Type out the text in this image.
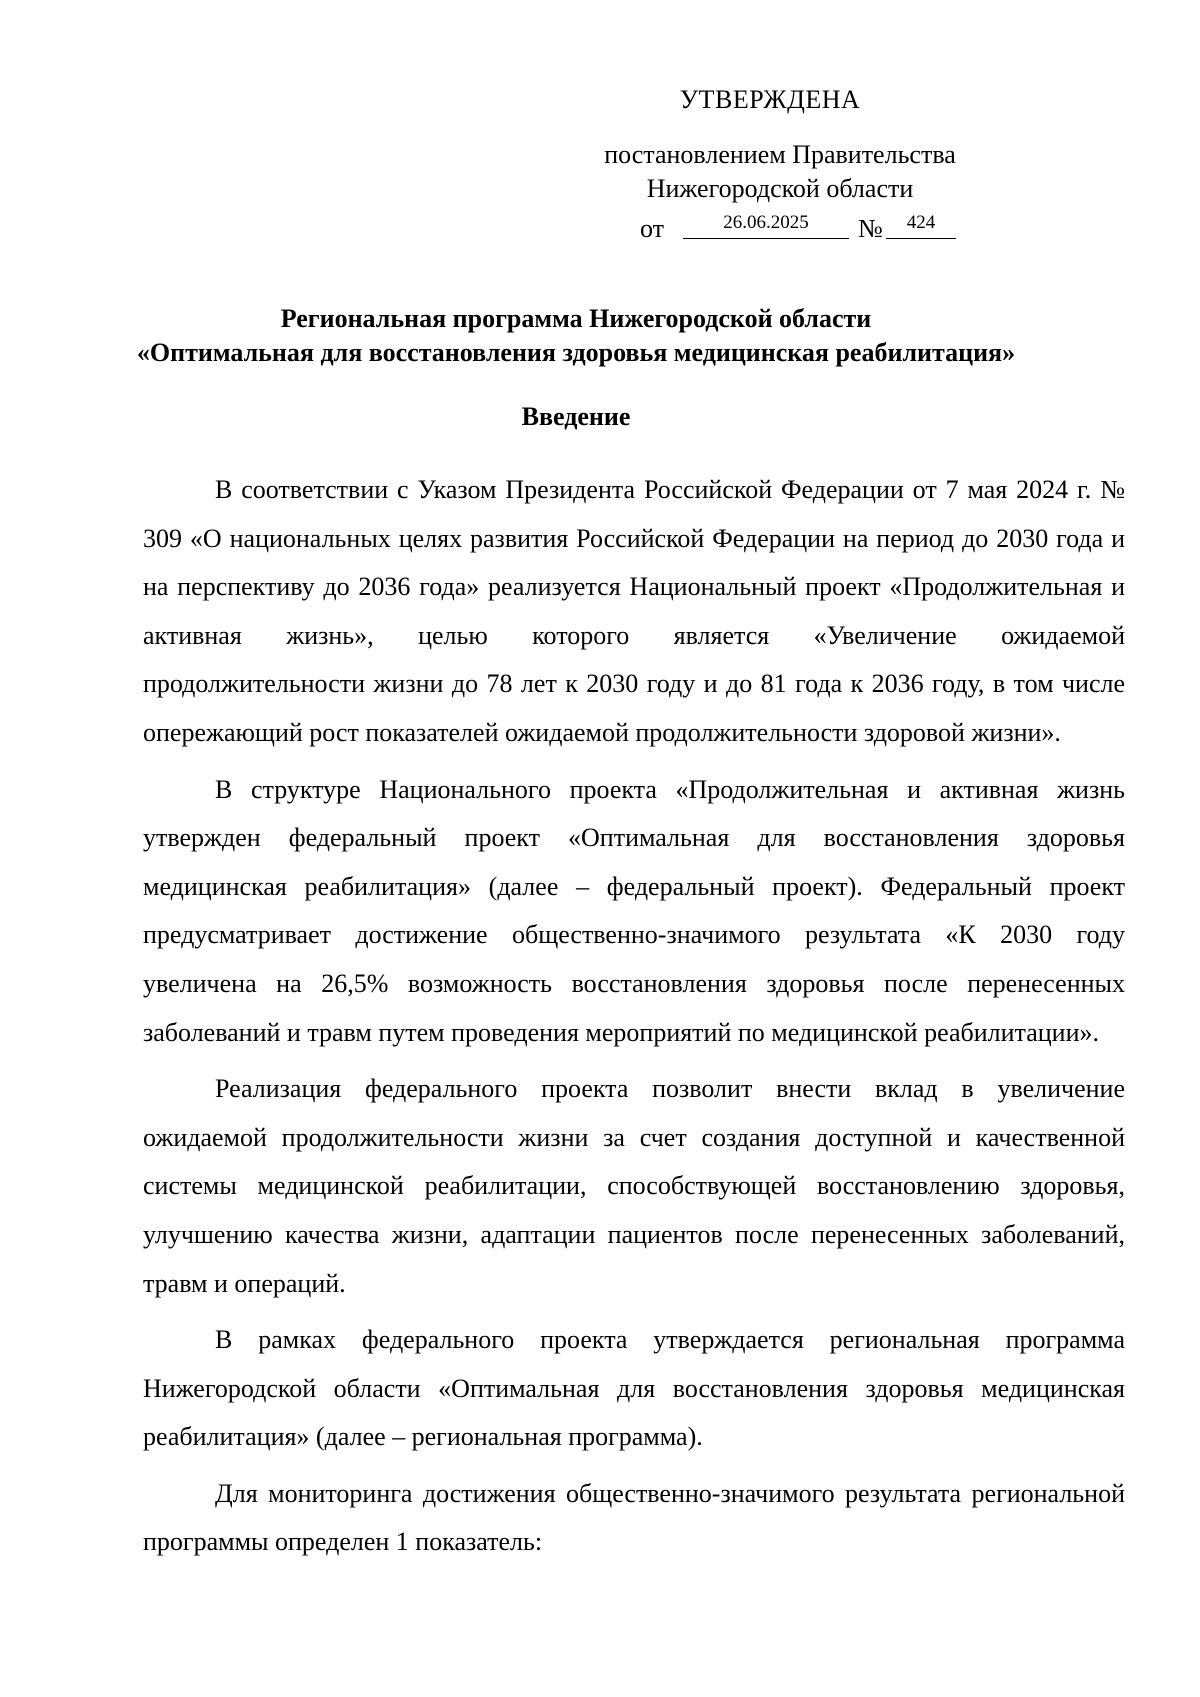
УТВЕРЖДЕНА
постановлением Правительства
Нижегородской области
от	26.06.2025	№	424
Региональная программа Нижегородской области
«Оптимальная для восстановления здоровья медицинская реабилитация»
Введение

В соответствии с Указом Президента Российской Федерации от 7 мая 2024 г. № 309 «О национальных целях развития Российской Федерации на период до 2030 года и на перспективу до 2036 года» реализуется Национальный проект «Продолжительная и активная жизнь», целью которого является «Увеличение ожидаемой продолжительности жизни до 78 лет к 2030 году и до 81 года к 2036 году, в том числе опережающий рост показателей ожидаемой продолжительности здоровой жизни».

В структуре Национального проекта «Продолжительная и активная жизнь утвержден федеральный проект «Оптимальная для восстановления здоровья медицинская реабилитация» (далее – федеральный проект). Федеральный проект предусматривает достижение общественно-значимого результата «К 2030 году увеличена на 26,5% возможность восстановления здоровья после перенесенных заболеваний и травм путем проведения мероприятий по медицинской реабилитации».

Реализация федерального проекта позволит внести вклад в увеличение ожидаемой продолжительности жизни за счет создания доступной и качественной системы медицинской реабилитации, способствующей восстановлению здоровья, улучшению качества жизни, адаптации пациентов после перенесенных заболеваний, травм и операций.

В рамках федерального проекта утверждается региональная программа Нижегородской области «Оптимальная для восстановления здоровья медицинская реабилитация» (далее – региональная программа).

Для мониторинга достижения общественно-значимого результата региональной программы определен 1 показатель:
